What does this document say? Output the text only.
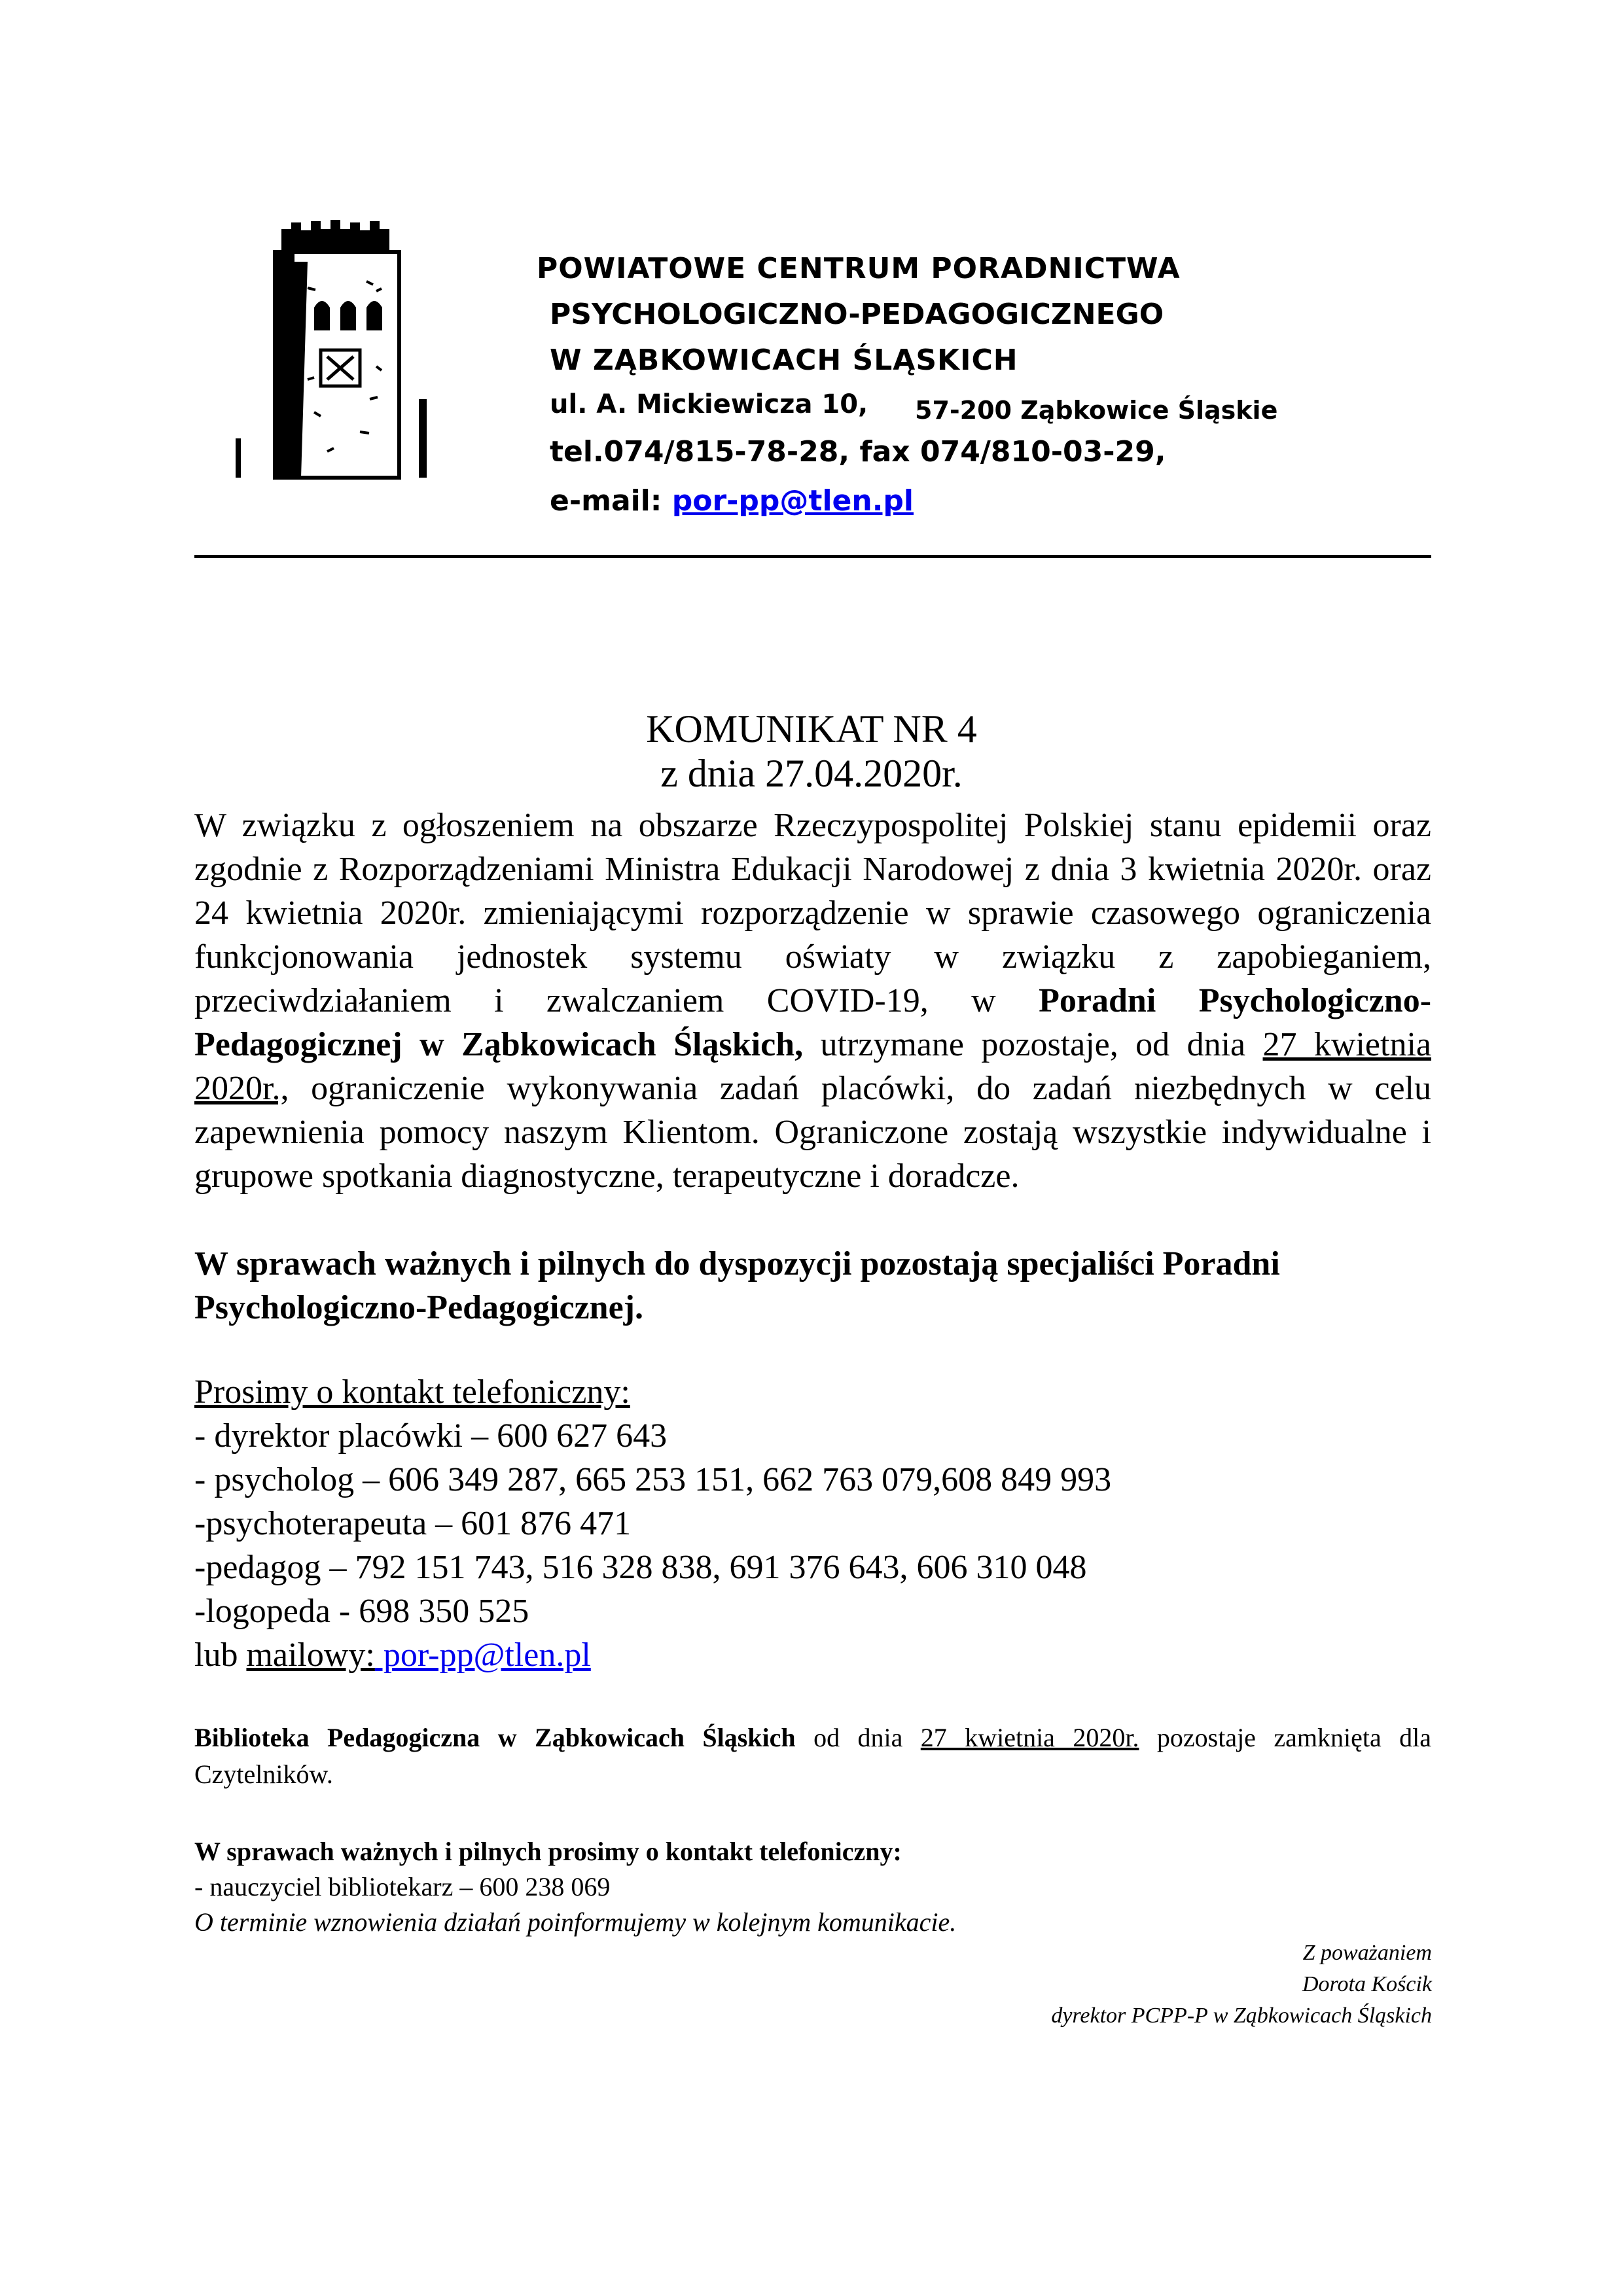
POWIATOWE CENTRUM PORADNICTWA
PSYCHOLOGICZNO-PEDAGOGICZNEGO
W ZĄBKOWICACH ŚLĄSKICH
ul. A. Mickiewicza 10, 57-200 Ząbkowice Śląskie
tel.074/815-78-28, fax 074/810-03-29,
e-mail: por-pp@tlen.pl
KOMUNIKAT NR 4
z dnia 27.04.2020r.
W związku z ogłoszeniem na obszarze Rzeczypospolitej Polskiej stanu epidemii oraz zgodnie z Rozporządzeniami Ministra Edukacji Narodowej z dnia 3 kwietnia 2020r. oraz 24 kwietnia 2020r. zmieniającymi rozporządzenie w sprawie czasowego ograniczenia funkcjonowania jednostek systemu oświaty w związku z zapobieganiem, przeciwdziałaniem i zwalczaniem COVID-19, w Poradni Psychologiczno-Pedagogicznej w Ząbkowicach Śląskich, utrzymane pozostaje, od dnia 27 kwietnia 2020r., ograniczenie wykonywania zadań placówki, do zadań niezbędnych w celu zapewnienia pomocy naszym Klientom. Ograniczone zostają wszystkie indywidualne i grupowe spotkania diagnostyczne, terapeutyczne i doradcze.
W sprawach ważnych i pilnych do dyspozycji pozostają specjaliści Poradni Psychologiczno-Pedagogicznej.
Prosimy o kontakt telefoniczny:
- dyrektor placówki – 600 627 643
- psycholog – 606 349 287, 665 253 151, 662 763 079,608 849 993
-psychoterapeuta – 601 876 471
-pedagog – 792 151 743, 516 328 838, 691 376 643, 606 310 048
-logopeda - 698 350 525
lub mailowy: por-pp@tlen.pl
Biblioteka Pedagogiczna w Ząbkowicach Śląskich od dnia 27 kwietnia 2020r. pozostaje zamknięta dla Czytelników.
W sprawach ważnych i pilnych prosimy o kontakt telefoniczny:
- nauczyciel bibliotekarz – 600 238 069
O terminie wznowienia działań poinformujemy w kolejnym komunikacie.
Z poważaniem
Dorota Kościk
dyrektor PCPP-P w Ząbkowicach Śląskich
